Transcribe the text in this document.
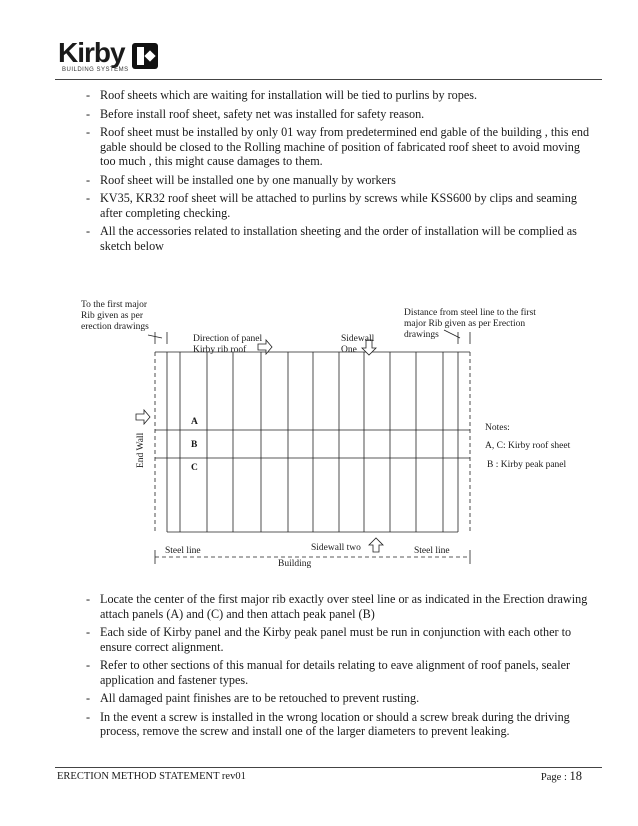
Kirby
BUILDING SYSTEMS
- Roof sheets which are waiting for installation will be tied to purlins by ropes.
- Before install roof sheet, safety net was installed for safety reason.
- Roof sheet must be installed by only 01 way from predetermined end gable of the building , this end gable should be closed to the Rolling machine of position of fabricated roof sheet to avoid moving too much , this might cause damages to them.
- Roof sheet will be installed one by one manually by workers
- KV35, KR32 roof sheet will be attached to purlins by screws while KSS600 by clips and seaming after completing checking.
- All the accessories related to installation sheeting and the order of installation will be complied as sketch below
To the first major
Rib given as per
erection drawings
Distance from steel line to the first
major Rib given as per Erection
drawings
Direction of panel
Kirby rib roof
Sidewall
One
End Wall
A
B
C
Notes:
A, C: Kirby roof sheet
B : Kirby peak panel
Steel line	Steel line
Sidewall two
Building
- Locate the center of the first major rib exactly over steel line or as indicated in the Erection drawing attach panels (A) and (C) and then attach peak panel (B)
- Each side of Kirby panel and the Kirby peak panel must be run in conjunction with each other to ensure correct alignment.
- Refer to other sections of this manual for details relating to eave alignment of roof panels, sealer application and fastener types.
- All damaged paint finishes are to be retouched to prevent rusting.
- In the event a screw is installed in the wrong location or should a screw break during the driving process, remove the screw and install one of the larger diameters to prevent leaking.
ERECTION METHOD STATEMENT rev01	Page : 18
